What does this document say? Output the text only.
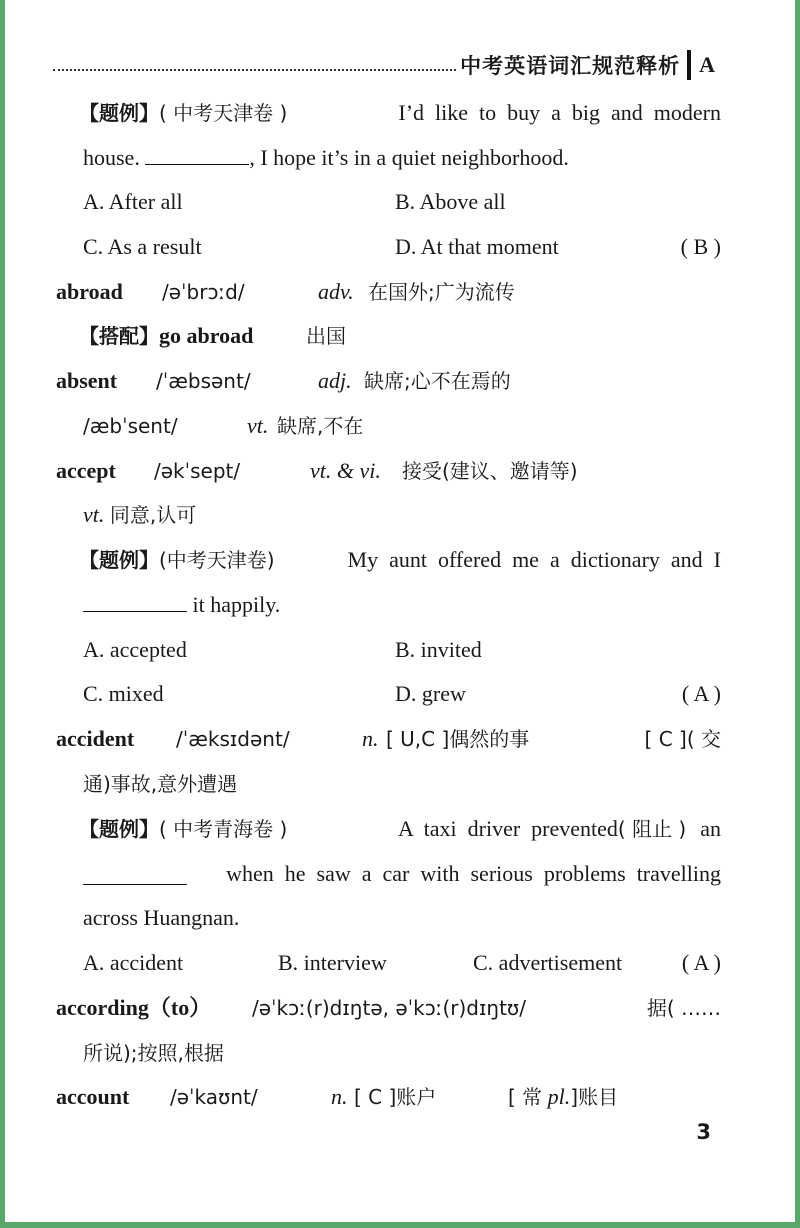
中考英语词汇规范释析 A
【题例】( 中考天津卷 )	I’d  like  to  buy  a  big  and  modern
house.	, I hope it’s in a quiet neighborhood.
A. After all	B. Above all
C. As a result	D. At that moment	( B )
abroad /əˈbrɔːd/	adv. 在国外;广为流传
【搭配】go abroad	出国
absent /ˈæbsənt/	adj. 缺席;心不在焉的
/æbˈsent/	vt. 缺席,不在
accept /əkˈsept/	vt. & vi. 接受(建议、邀请等)
vt. 同意,认可
【题例】(中考天津卷)	My  aunt  offered  me  a  dictionary  and  I
it happily.
A. accepted	B. invited
C. mixed	D. grew	( A )
accident /ˈæksɪdənt/	n. [ U,C ]偶然的事	[ C ]( 交
通)事故,意外遭遇
【题例】( 中考青海卷 )	A  taxi  driver  prevented( 阻止 ) an
when  he  saw  a  car  with  serious  problems  travelling
across Huangnan.
A. accident	B. interview	C. advertisement	( A )
according（to） /əˈkɔː(r)dɪŋtə, əˈkɔː(r)dɪŋtʊ/	据( ……
所说);按照,根据
account /əˈkaʊnt/	n. [ C ]账户	[ 常 pl.]账目
3
